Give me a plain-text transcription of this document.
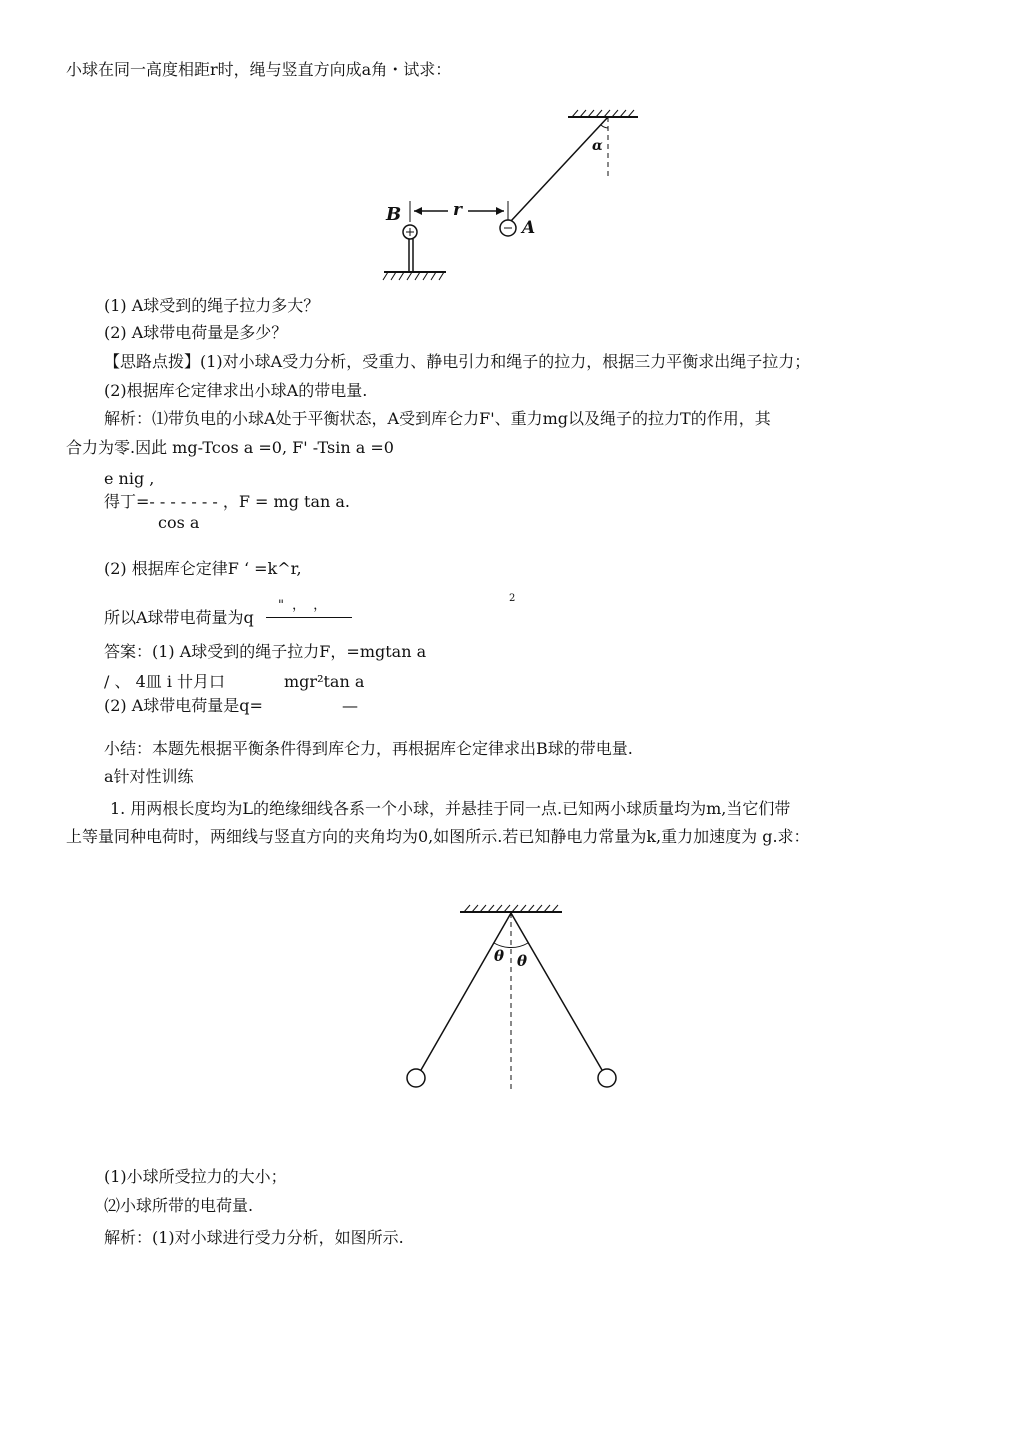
小球在同一高度相距r时，绳与竖直方向成a角・试求：
B	r
A
α
(1) A球受到的绳子拉力多大？
(2) A球带电荷量是多少？
【思路点拨】(1)对小球A受力分析，受重力、静电引力和绳子的拉力，根据三力平衡求出绳子拉力；
(2)根据库仑定律求出小球A的带电量.
解析：⑴带负电的小球A处于平衡状态，A受到库仑力F'、重力mg以及绳子的拉力T的作用，其
合力为零.因此 mg-Tcos a =0, F' -Tsin a =0
e nig ,
得丁=- - - - - - - ，F = mg tan a.
cos a
(2) 根据库仑定律F ‘ =k^r,
2
所以A球带电荷量为q
" ， ，
答案：(1) A球受到的绳子拉力F，=mgtan a
/ 、 4皿 i 卄月口	mgr²tan a
(2) A球带电荷量是q=	—
小结：本题先根据平衡条件得到库仑力，再根据库仑定律求出B球的带电量.
a针对性训练
1. 用两根长度均为L的绝缘细线各系一个小球，并悬挂于同一点.已知两小球质量均为m,当它们带
上等量同种电荷时，两细线与竖直方向的夹角均为0,如图所示.若已知静电力常量为k,重力加速度为 g.求：
θ θ
(1)小球所受拉力的大小；
⑵小球所带的电荷量.
解析：(1)对小球进行受力分析，如图所示.
